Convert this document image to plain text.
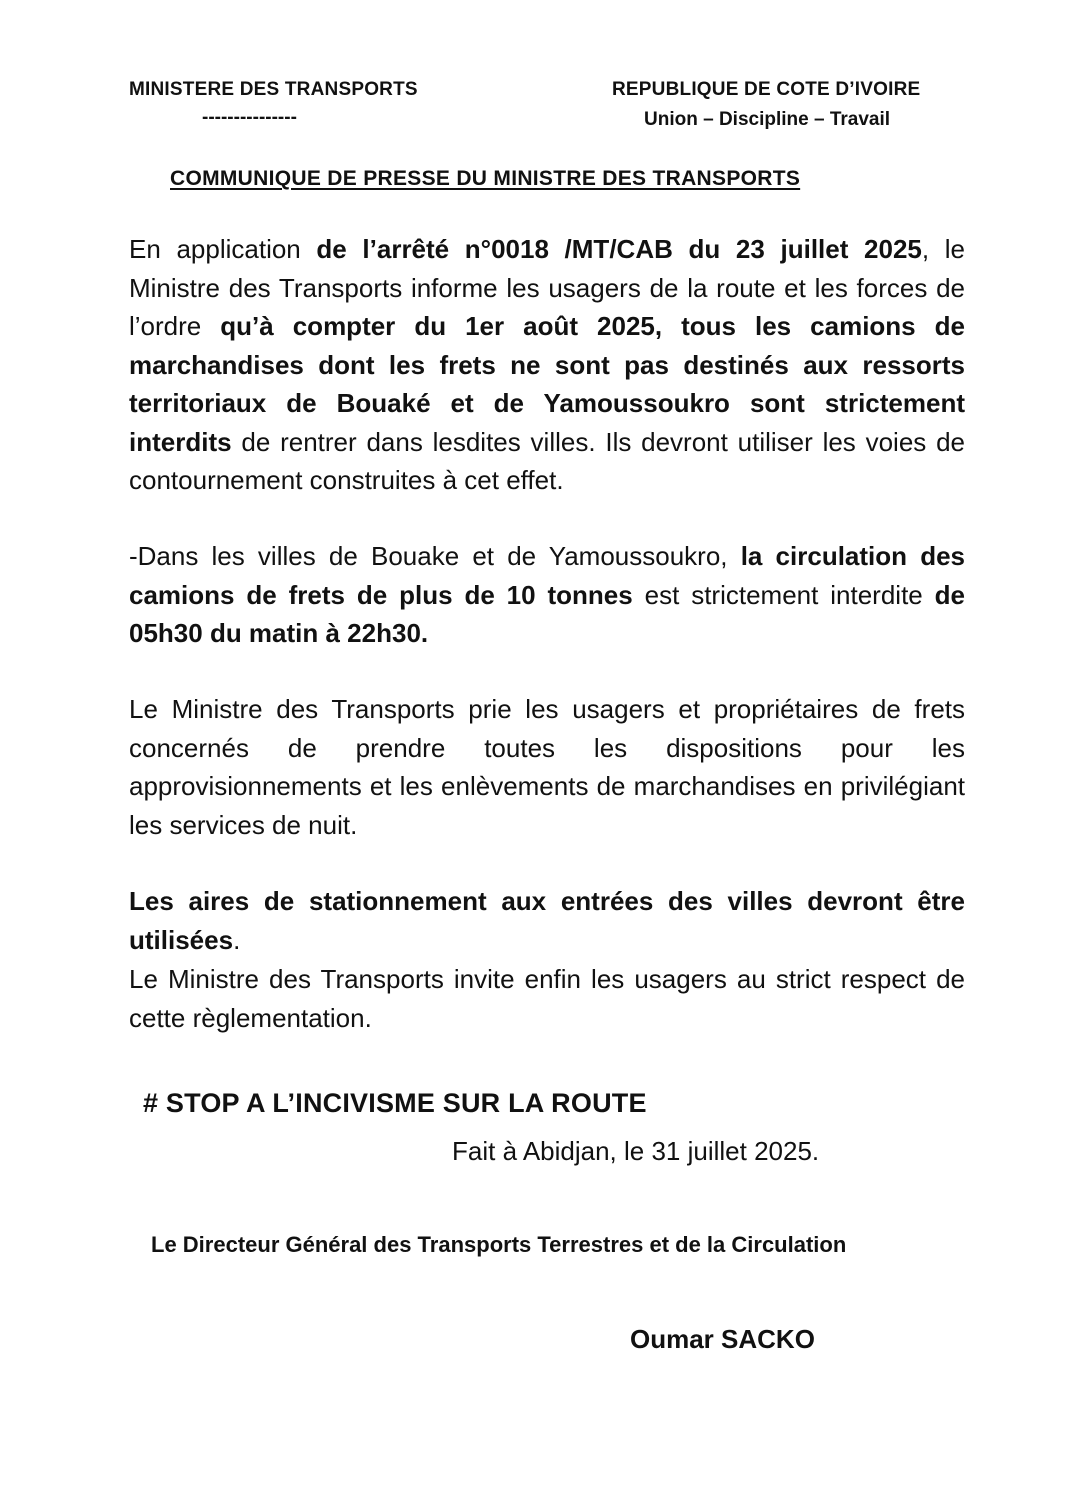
MINISTERE DES TRANSPORTS
---------------
REPUBLIQUE DE COTE D’IVOIRE
Union – Discipline – Travail
COMMUNIQUE DE PRESSE DU MINISTRE DES TRANSPORTS
En application de l’arrêté n°0018 /MT/CAB du 23 juillet 2025, le Ministre des Transports informe les usagers de la route et les forces de l’ordre qu’à compter du 1er août 2025, tous les camions de marchandises dont les frets ne sont pas destinés aux ressorts territoriaux de Bouaké et de Yamoussoukro sont strictement interdits de rentrer dans lesdites villes. Ils devront utiliser les voies de contournement construites à cet effet.
-Dans les villes de Bouake et de Yamoussoukro, la circulation des camions de frets de plus de 10 tonnes est strictement interdite de 05h30 du matin à 22h30.
Le Ministre des Transports prie les usagers et propriétaires de frets concernés de prendre toutes les dispositions pour les approvisionnements et les enlèvements de marchandises en privilégiant les services de nuit.
Les aires de stationnement aux entrées des villes devront être utilisées.
Le Ministre des Transports invite enfin les usagers au strict respect de cette règlementation.
# STOP A L’INCIVISME SUR LA ROUTE
Fait à Abidjan, le 31 juillet 2025.
Le Directeur Général des Transports Terrestres et de la Circulation
Oumar SACKO
